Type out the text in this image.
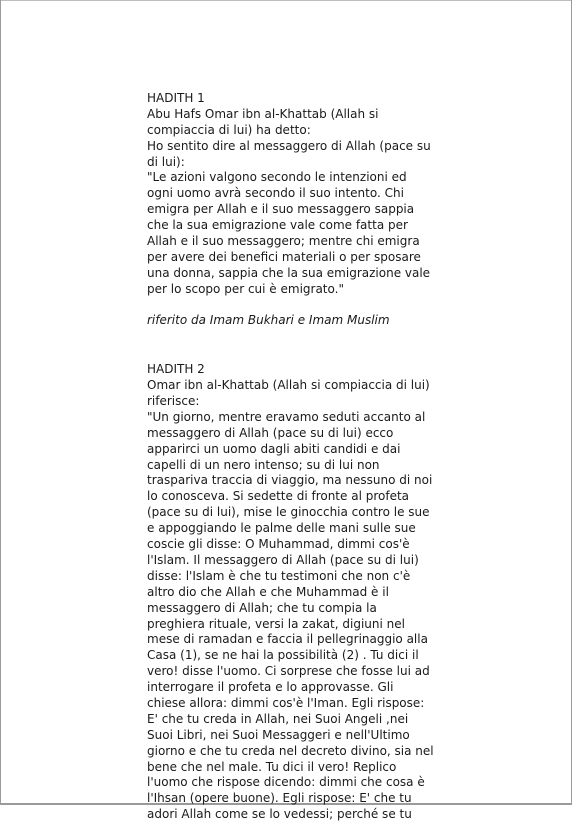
HADITH 1
Abu Hafs Omar ibn al-Khattab (Allah si
compiaccia di lui) ha detto:
Ho sentito dire al messaggero di Allah (pace su
di lui):
"Le azioni valgono secondo le intenzioni ed
ogni uomo avrà secondo il suo intento. Chi
emigra per Allah e il suo messaggero sappia
che la sua emigrazione vale come fatta per
Allah e il suo messaggero; mentre chi emigra
per avere dei benefici materiali o per sposare
una donna, sappia che la sua emigrazione vale
per lo scopo per cui è emigrato."
riferito da Imam Bukhari e Imam Muslim
HADITH 2
Omar ibn al-Khattab (Allah si compiaccia di lui)
riferisce:
"Un giorno, mentre eravamo seduti accanto al
messaggero di Allah (pace su di lui) ecco
apparirci un uomo dagli abiti candidi e dai
capelli di un nero intenso; su di lui non
traspariva traccia di viaggio, ma nessuno di noi
lo conosceva. Si sedette di fronte al profeta
(pace su di lui), mise le ginocchia contro le sue
e appoggiando le palme delle mani sulle sue
coscie gli disse: O Muhammad, dimmi cos'è
l'Islam. Il messaggero di Allah (pace su di lui)
disse: l'Islam è che tu testimoni che non c'è
altro dio che Allah e che Muhammad è il
messaggero di Allah; che tu compia la
preghiera rituale, versi la zakat, digiuni nel
mese di ramadan e faccia il pellegrinaggio alla
Casa (1), se ne hai la possibilità (2) . Tu dici il
vero! disse l'uomo. Ci sorprese che fosse lui ad
interrogare il profeta e lo approvasse. Gli
chiese allora: dimmi cos'è l'Iman. Egli rispose:
E' che tu creda in Allah, nei Suoi Angeli ,nei
Suoi Libri, nei Suoi Messaggeri e nell'Ultimo
giorno e che tu creda nel decreto divino, sia nel
bene che nel male. Tu dici il vero! Replico
l'uomo che rispose dicendo: dimmi che cosa è
l'Ihsan (opere buone). Egli rispose: E' che tu
adori Allah come se lo vedessi; perché se tu
